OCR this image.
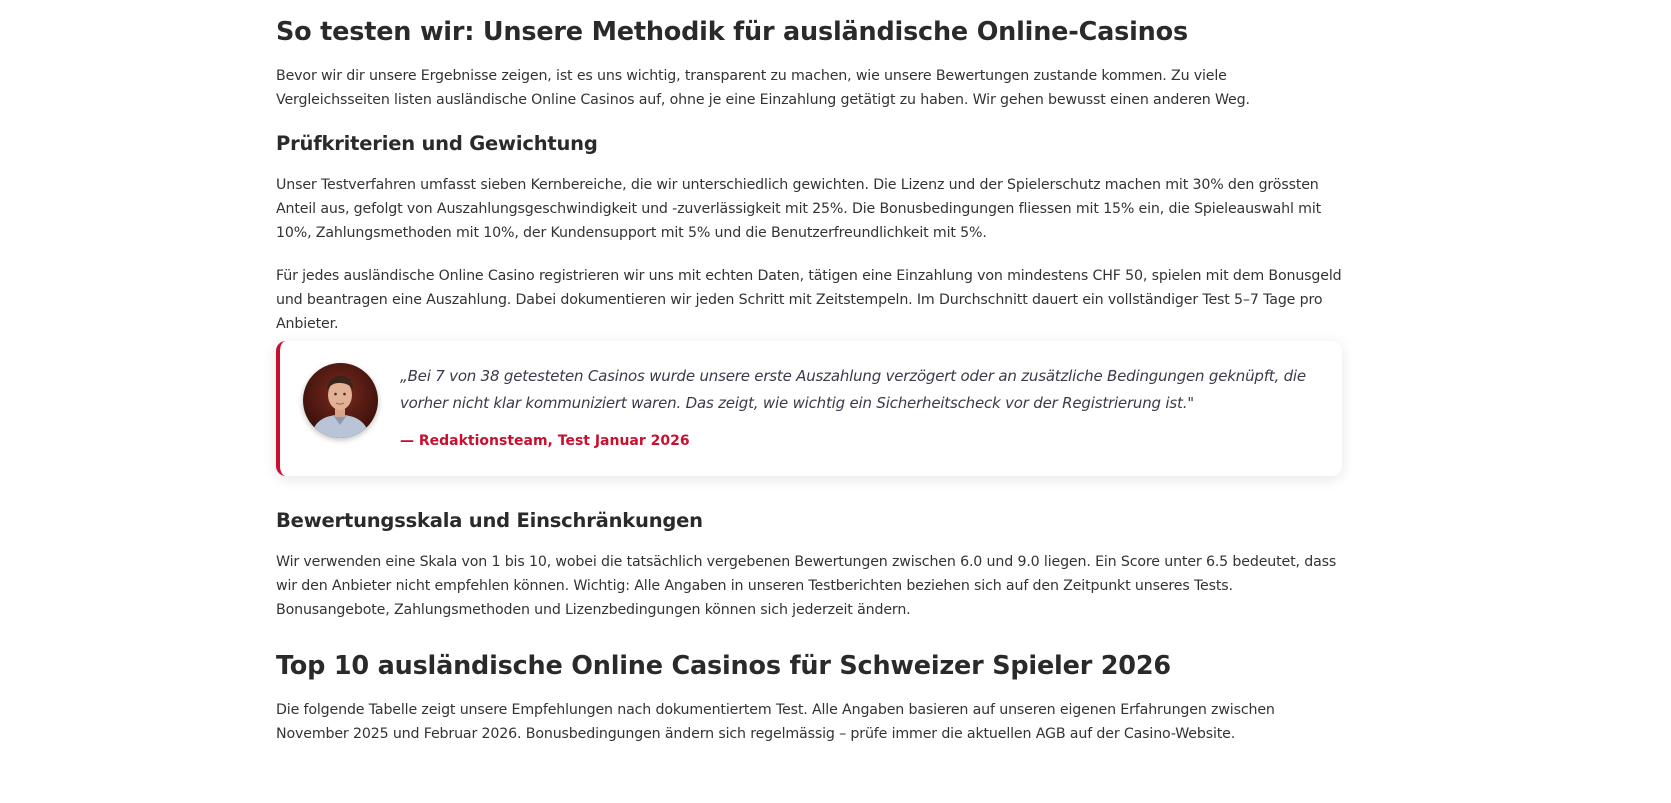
So testen wir: Unsere Methodik für ausländische Online-Casinos

Bevor wir dir unsere Ergebnisse zeigen, ist es uns wichtig, transparent zu machen, wie unsere Bewertungen zustande kommen. Zu viele Vergleichsseiten listen ausländische Online Casinos auf, ohne je eine Einzahlung getätigt zu haben. Wir gehen bewusst einen anderen Weg.

Prüfkriterien und Gewichtung

Unser Testverfahren umfasst sieben Kernbereiche, die wir unterschiedlich gewichten. Die Lizenz und der Spielerschutz machen mit 30% den grössten Anteil aus, gefolgt von Auszahlungsgeschwindigkeit und -zuverlässigkeit mit 25%. Die Bonusbedingungen fliessen mit 15% ein, die Spieleauswahl mit 10%, Zahlungsmethoden mit 10%, der Kundensupport mit 5% und die Benutzerfreundlichkeit mit 5%.

Für jedes ausländische Online Casino registrieren wir uns mit echten Daten, tätigen eine Einzahlung von mindestens CHF 50, spielen mit dem Bonusgeld und beantragen eine Auszahlung. Dabei dokumentieren wir jeden Schritt mit Zeitstempeln. Im Durchschnitt dauert ein vollständiger Test 5–7 Tage pro Anbieter.

„Bei 7 von 38 getesteten Casinos wurde unsere erste Auszahlung verzögert oder an zusätzliche Bedingungen geknüpft, die vorher nicht klar kommuniziert waren. Das zeigt, wie wichtig ein Sicherheitscheck vor der Registrierung ist."

— Redaktionsteam, Test Januar 2026
Bewertungsskala und Einschränkungen

Wir verwenden eine Skala von 1 bis 10, wobei die tatsächlich vergebenen Bewertungen zwischen 6.0 und 9.0 liegen. Ein Score unter 6.5 bedeutet, dass wir den Anbieter nicht empfehlen können. Wichtig: Alle Angaben in unseren Testberichten beziehen sich auf den Zeitpunkt unseres Tests. Bonusangebote, Zahlungsmethoden und Lizenzbedingungen können sich jederzeit ändern.

Top 10 ausländische Online Casinos für Schweizer Spieler 2026

Die folgende Tabelle zeigt unsere Empfehlungen nach dokumentiertem Test. Alle Angaben basieren auf unseren eigenen Erfahrungen zwischen November 2025 und Februar 2026. Bonusbedingungen ändern sich regelmässig – prüfe immer die aktuellen AGB auf der Casino-Website.
